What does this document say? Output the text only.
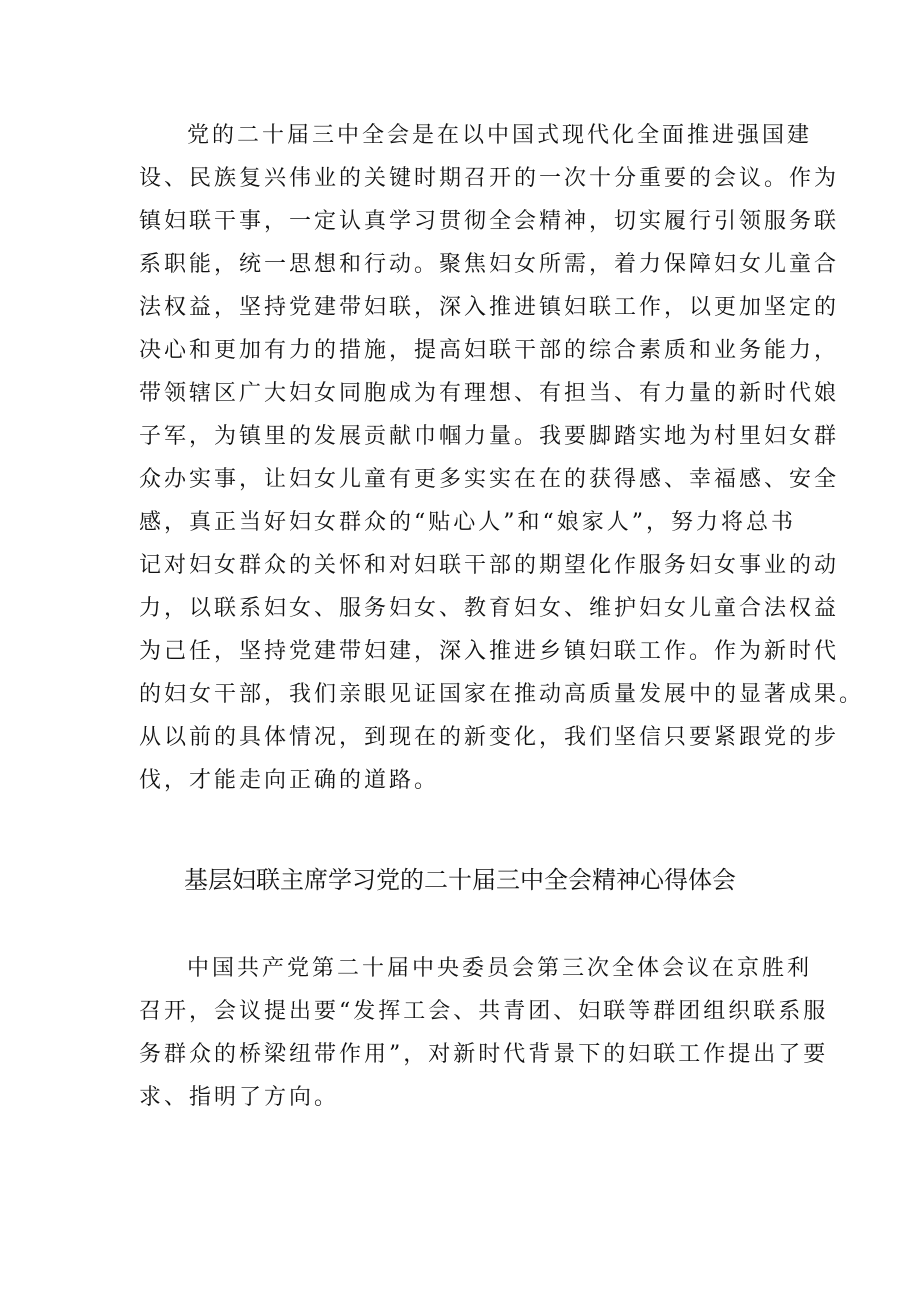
党的二十届三中全会是在以中国式现代化全面推进强国建
设、民族复兴伟业的关键时期召开的一次十分重要的会议。作为
镇妇联干事，一定认真学习贯彻全会精神，切实履行引领服务联
系职能，统一思想和行动。聚焦妇女所需，着力保障妇女儿童合
法权益，坚持党建带妇联，深入推进镇妇联工作，以更加坚定的
决心和更加有力的措施，提高妇联干部的综合素质和业务能力，
带领辖区广大妇女同胞成为有理想、有担当、有力量的新时代娘
子军，为镇里的发展贡献巾帼力量。我要脚踏实地为村里妇女群
众办实事，让妇女儿童有更多实实在在的获得感、幸福感、安全
感，真正当好妇女群众的“贴心人”和“娘家人”，努力将总书
记对妇女群众的关怀和对妇联干部的期望化作服务妇女事业的动
力，以联系妇女、服务妇女、教育妇女、维护妇女儿童合法权益
为己任，坚持党建带妇建，深入推进乡镇妇联工作。作为新时代
的妇女干部，我们亲眼见证国家在推动高质量发展中的显著成果。
从以前的具体情况，到现在的新变化，我们坚信只要紧跟党的步
伐，才能走向正确的道路。

基层妇联主席学习党的二十届三中全会精神心得体会

中国共产党第二十届中央委员会第三次全体会议在京胜利
召开，会议提出要“发挥工会、共青团、妇联等群团组织联系服
务群众的桥梁纽带作用”，对新时代背景下的妇联工作提出了要
求、指明了方向。
